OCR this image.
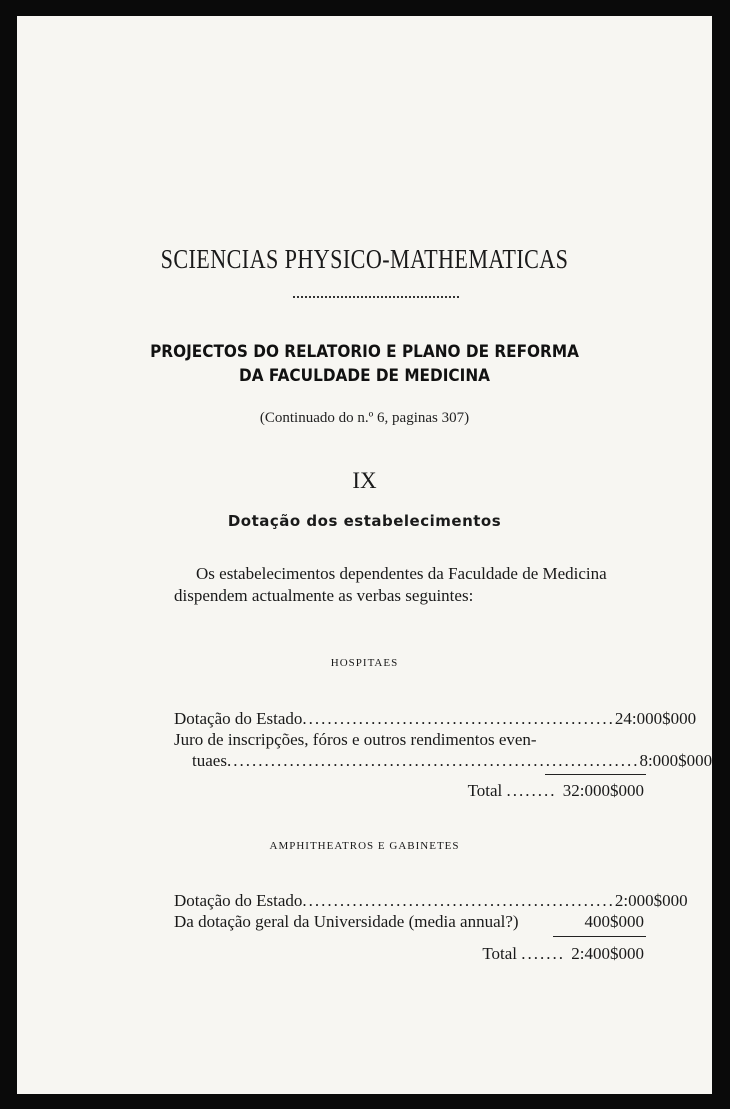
SCIENCIAS PHYSICO-MATHEMATICAS
PROJECTOS DO RELATORIO E PLANO DE REFORMA
DA FACULDADE DE MEDICINA
(Continuado do n.º 6, paginas 307)
IX
Dotação dos estabelecimentos
Os estabelecimentos dependentes da Faculdade de Medicina
dispendem actualmente as verbas seguintes:
HOSPITAES
Dotação do Estado .................................................. 24:000$000
Juro de inscripções, fóros e outros rendimentos even-
tuaes .................................................................. 8:000$000
Total ........ 32:000$000
AMPHITHEATROS E GABINETES
Dotação do Estado .................................................. 2:000$000
Da dotação geral da Universidade (media annual?)	400$000
Total ....... 2:400$000
